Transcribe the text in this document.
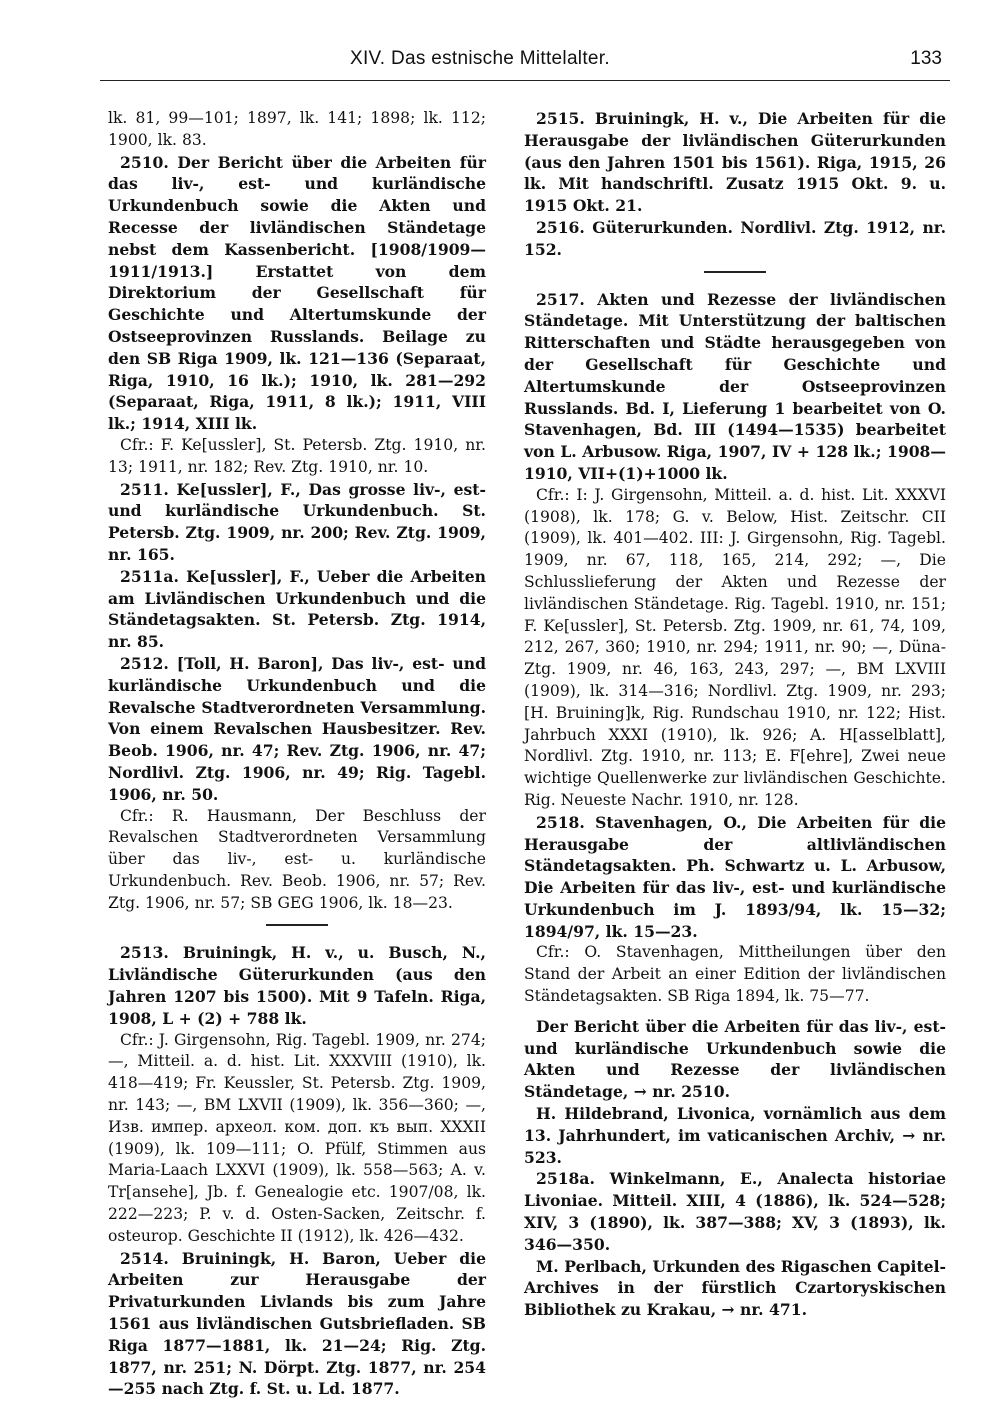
XIV. Das estnische Mittelalter.	133

lk. 81, 99—101; 1897, lk. 141; 1898; lk. 112; 1900, lk. 83.

2510. Der Bericht über die Arbeiten für das liv-, est- und kurländische Urkundenbuch sowie die Akten und Recesse der livländischen Ständetage nebst dem Kassenbericht. [1908/1909—1911/1913.] Erstattet von dem Direktorium der Gesellschaft für Geschichte und Altertumskunde der Ostseeprovinzen Russlands. Beilage zu den SB Riga 1909, lk. 121—136 (Separaat, Riga, 1910, 16 lk.); 1910, lk. 281—292 (Separaat, Riga, 1911, 8 lk.); 1911, VIII lk.; 1914, XIII lk.

Cfr.: F. Ke[ussler], St. Petersb. Ztg. 1910, nr. 13; 1911, nr. 182; Rev. Ztg. 1910, nr. 10.

2511. Ke[ussler], F., Das grosse liv-, est- und kurländische Urkundenbuch. St. Petersb. Ztg. 1909, nr. 200; Rev. Ztg. 1909, nr. 165.

2511a. Ke[ussler], F., Ueber die Arbeiten am Livländischen Urkundenbuch und die Ständetagsakten. St. Petersb. Ztg. 1914, nr. 85.

2512. [Toll, H. Baron], Das liv-, est- und kurländische Urkundenbuch und die Revalsche Stadtverordneten Versammlung. Von einem Revalschen Hausbesitzer. Rev. Beob. 1906, nr. 47; Rev. Ztg. 1906, nr. 47; Nordlivl. Ztg. 1906, nr. 49; Rig. Tagebl. 1906, nr. 50.

Cfr.: R. Hausmann, Der Beschluss der Revalschen Stadtverordneten Versammlung über das liv-, est- u. kurländische Urkundenbuch. Rev. Beob. 1906, nr. 57; Rev. Ztg. 1906, nr. 57; SB GEG 1906, lk. 18—23.

2513. Bruiningk, H. v., u. Busch, N., Livländische Güterurkunden (aus den Jahren 1207 bis 1500). Mit 9 Tafeln. Riga, 1908, L + (2) + 788 lk.

Cfr.: J. Girgensohn, Rig. Tagebl. 1909, nr. 274; —, Mitteil. a. d. hist. Lit. XXXVIII (1910), lk. 418—419; Fr. Keussler, St. Petersb. Ztg. 1909, nr. 143; —, BM LXVII (1909), lk. 356—360; —, Изв. импер. археол. ком. доп. къ вып. XXXII (1909), lk. 109—111; O. Pfülf, Stimmen aus Maria-Laach LXXVI (1909), lk. 558—563; A. v. Tr[ansehe], Jb. f. Genealogie etc. 1907/08, lk. 222—223; P. v. d. Osten-Sacken, Zeitschr. f. osteurop. Geschichte II (1912), lk. 426—432.

2514. Bruiningk, H. Baron, Ueber die Arbeiten zur Herausgabe der Privaturkunden Livlands bis zum Jahre 1561 aus livländischen Gutsbriefladen. SB Riga 1877—1881, lk. 21—24; Rig. Ztg. 1877, nr. 251; N. Dörpt. Ztg. 1877, nr. 254—255 nach Ztg. f. St. u. Ld. 1877.

2515. Bruiningk, H. v., Die Arbeiten für die Herausgabe der livländischen Güterurkunden (aus den Jahren 1501 bis 1561). Riga, 1915, 26 lk. Mit handschriftl. Zusatz 1915 Okt. 9. u. 1915 Okt. 21.

2516. Güterurkunden. Nordlivl. Ztg. 1912, nr. 152.

2517. Akten und Rezesse der livländischen Ständetage. Mit Unterstützung der baltischen Ritterschaften und Städte herausgegeben von der Gesellschaft für Geschichte und Altertumskunde der Ostseeprovinzen Russlands. Bd. I, Lieferung 1 bearbeitet von O. Stavenhagen, Bd. III (1494—1535) bearbeitet von L. Arbusow. Riga, 1907, IV + 128 lk.; 1908—1910, VII+(1)+1000 lk.

Cfr.: I: J. Girgensohn, Mitteil. a. d. hist. Lit. XXXVI (1908), lk. 178; G. v. Below, Hist. Zeitschr. CII (1909), lk. 401—402. III: J. Girgensohn, Rig. Tagebl. 1909, nr. 67, 118, 165, 214, 292; —, Die Schlusslieferung der Akten und Rezesse der livländischen Ständetage. Rig. Tagebl. 1910, nr. 151; F. Ke[ussler], St. Petersb. Ztg. 1909, nr. 61, 74, 109, 212, 267, 360; 1910, nr. 294; 1911, nr. 90; —, Düna-Ztg. 1909, nr. 46, 163, 243, 297; —, BM LXVIII (1909), lk. 314—316; Nordlivl. Ztg. 1909, nr. 293; [H. Bruining]k, Rig. Rundschau 1910, nr. 122; Hist. Jahrbuch XXXI (1910), lk. 926; A. H[asselblatt], Nordlivl. Ztg. 1910, nr. 113; E. F[ehre], Zwei neue wichtige Quellenwerke zur livländischen Geschichte. Rig. Neueste Nachr. 1910, nr. 128.

2518. Stavenhagen, O., Die Arbeiten für die Herausgabe der altlivländischen Ständetagsakten. Ph. Schwartz u. L. Arbusow, Die Arbeiten für das liv-, est- und kurländische Urkundenbuch im J. 1893/94, lk. 15—32; 1894/97, lk. 15—23.

Cfr.: O. Stavenhagen, Mittheilungen über den Stand der Arbeit an einer Edition der livländischen Ständetagsakten. SB Riga 1894, lk. 75—77.

Der Bericht über die Arbeiten für das liv-, est- und kurländische Urkundenbuch sowie die Akten und Rezesse der livländischen Ständetage, → nr. 2510.

H. Hildebrand, Livonica, vornämlich aus dem 13. Jahrhundert, im vaticanischen Archiv, → nr. 523.

2518a. Winkelmann, E., Analecta historiae Livoniae. Mitteil. XIII, 4 (1886), lk. 524—528; XIV, 3 (1890), lk. 387—388; XV, 3 (1893), lk. 346—350.

M. Perlbach, Urkunden des Rigaschen Capitel-Archives in der fürstlich Czartoryskischen Bibliothek zu Krakau, → nr. 471.
